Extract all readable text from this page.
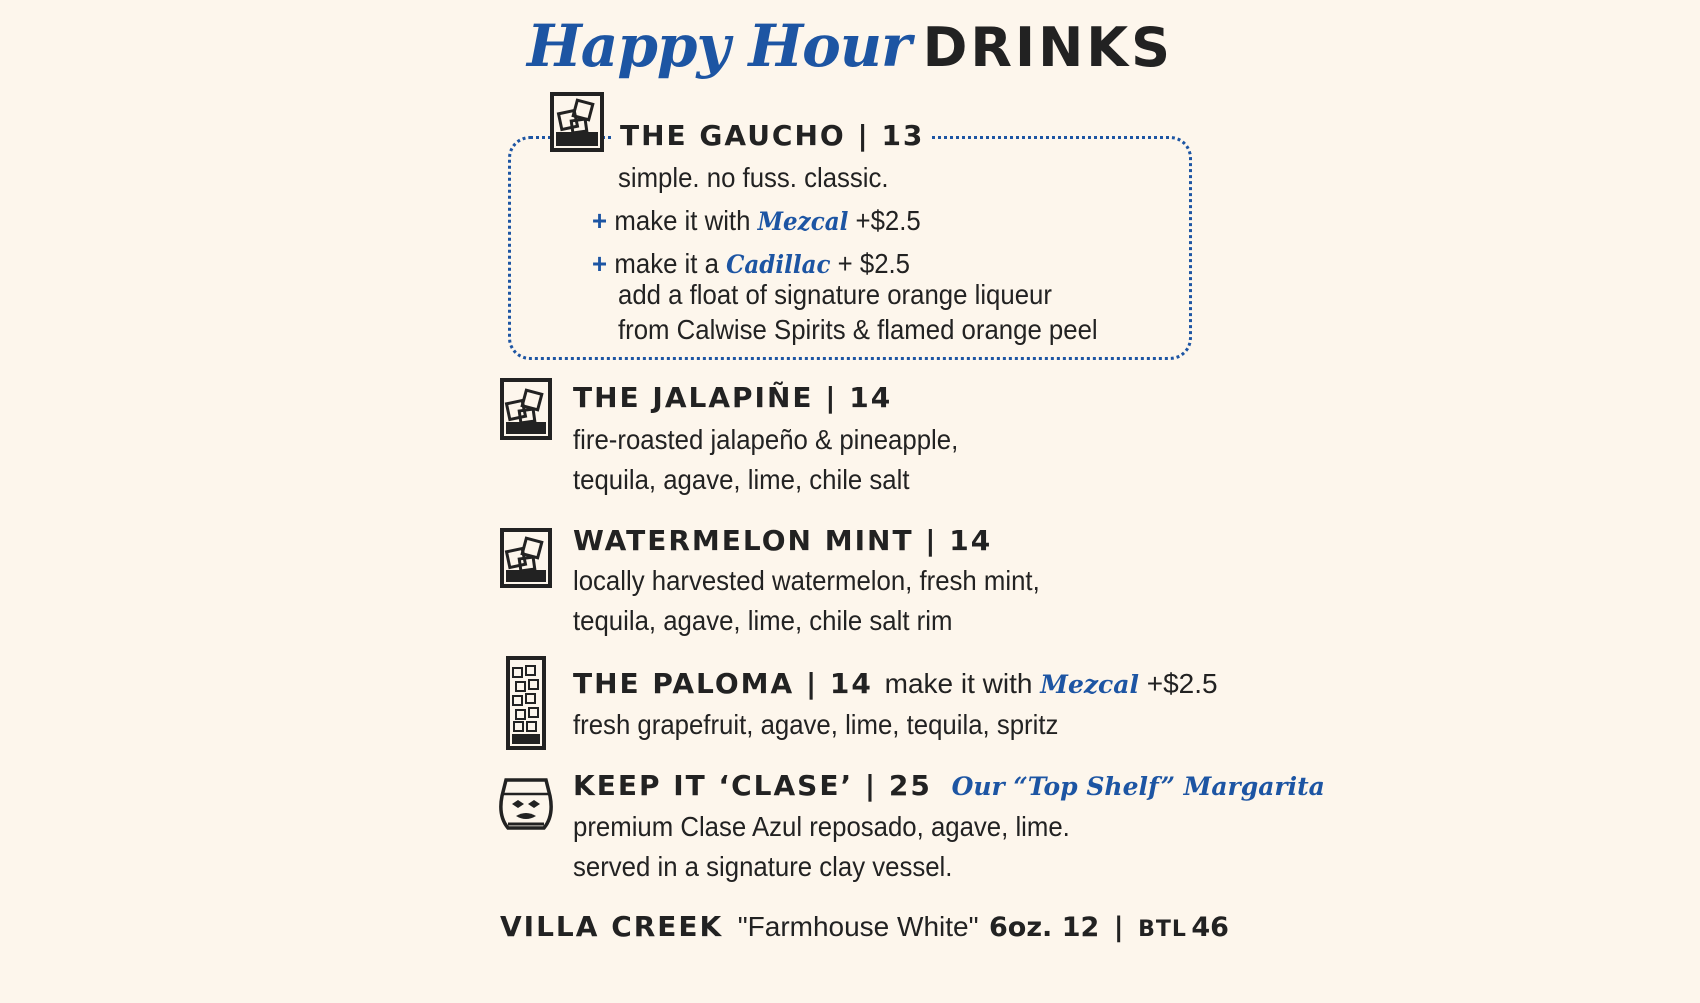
Happy Hour DRINKS
THE GAUCHO | 13
simple. no fuss. classic.
+ make it with Mezcal +$2.5
+ make it a Cadillac + $2.5
add a float of signature orange liqueur
from Calwise Spirits & flamed orange peel
THE JALAPIÑE | 14
fire-roasted jalapeño & pineapple,
tequila, agave, lime, chile salt
WATERMELON MINT | 14
locally harvested watermelon, fresh mint,
tequila, agave, lime, chile salt rim
THE PALOMA | 14 make it with Mezcal +$2.5
fresh grapefruit, agave, lime, tequila, spritz
KEEP IT ‘CLASE’ | 25 Our “Top Shelf” Margarita
premium Clase Azul reposado, agave, lime.
served in a signature clay vessel.
VILLA CREEK "Farmhouse White" 6oz. 12 | BTL 46
